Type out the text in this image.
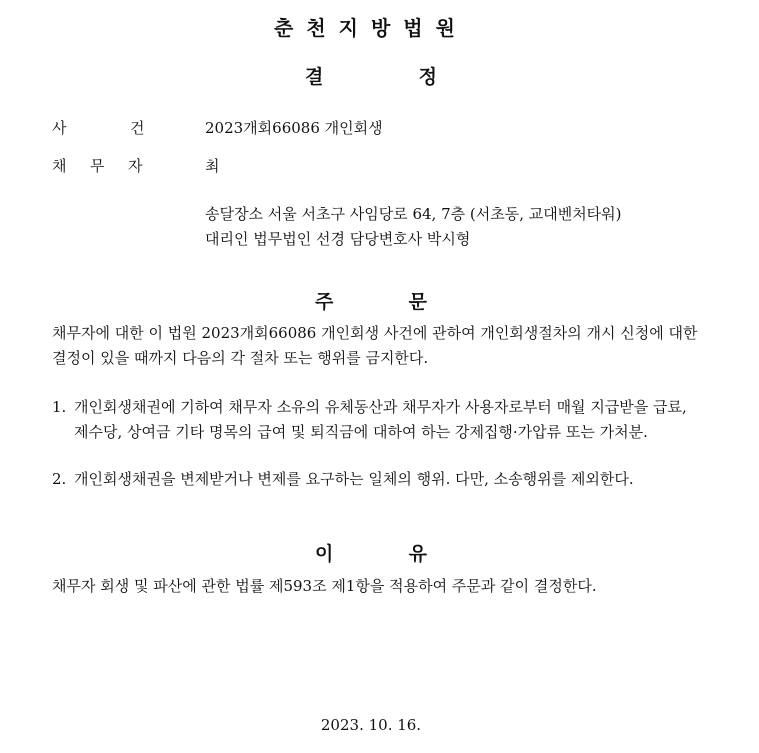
춘천지방법원
결	정
사	건	2023개회66086 개인회생
채 무 자	최
송달장소 서울 서초구 사임당로 64, 7층 (서초동, 교대벤처타워)
대리인 법무법인 선경 담당변호사 박시형
주	문
채무자에 대한 이 법원 2023개회66086 개인회생 사건에 관하여 개인회생절차의 개시 신청에 대한 결정이 있을 때까지 다음의 각 절차 또는 행위를 금지한다.
1. 개인회생채권에 기하여 채무자 소유의 유체동산과 채무자가 사용자로부터 매월 지급받을 급료, 제수당, 상여금 기타 명목의 급여 및 퇴직금에 대하여 하는 강제집행·가압류 또는 가처분.
2. 개인회생채권을 변제받거나 변제를 요구하는 일체의 행위. 다만, 소송행위를 제외한다.
이	유
채무자 회생 및 파산에 관한 법률 제593조 제1항을 적용하여 주문과 같이 결정한다.
2023. 10. 16.
